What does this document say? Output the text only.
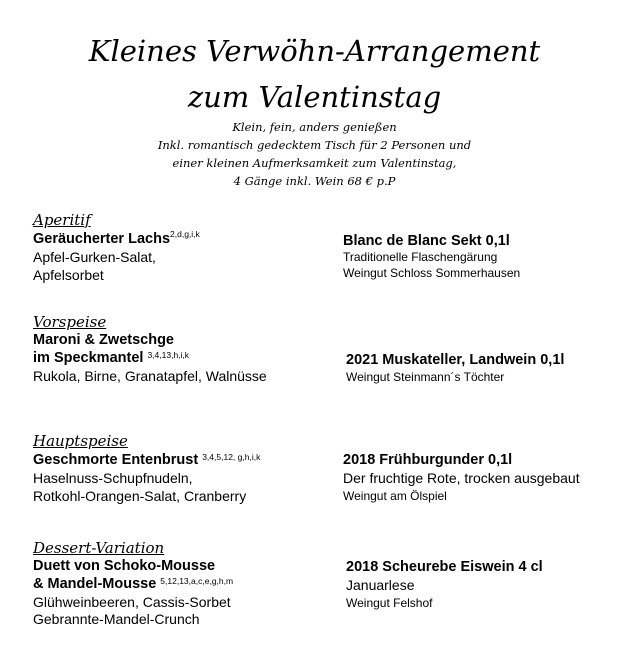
Kleines Verwöhn-Arrangement
zum Valentinstag
Klein, fein, anders genießen
Inkl. romantisch gedecktem Tisch für 2 Personen und
einer kleinen Aufmerksamkeit zum Valentinstag,
4 Gänge inkl. Wein 68 € p.P
Aperitif
Geräucherter Lachs$^{2,d,g,i,k}$
Apfel-Gurken-Salat,
Apfelsorbet
Blanc de Blanc Sekt 0,1l
Traditionelle Flaschengärung
Weingut Schloss Sommerhausen
Vorspeise
Maroni & Zwetschge
im Speckmantel $^{3,4,13,h,i,k}$
Rukola, Birne, Granatapfel, Walnüsse
2021 Muskateller, Landwein 0,1l
Weingut Steinmann´s Töchter
Hauptspeise
Geschmorte Entenbrust $^{3,4,5,12, g,h,i,k}$
Haselnuss-Schupfnudeln,
Rotkohl-Orangen-Salat, Cranberry
2018 Frühburgunder 0,1l
Der fruchtige Rote, trocken ausgebaut
Weingut am Ölspiel
Dessert-Variation
Duett von Schoko-Mousse
& Mandel-Mousse $^{5,12,13,a,c,e,g,h,m}$
Glühweinbeeren, Cassis-Sorbet
Gebrannte-Mandel-Crunch
2018 Scheurebe Eiswein 4 cl
Januarlese
Weingut Felshof
